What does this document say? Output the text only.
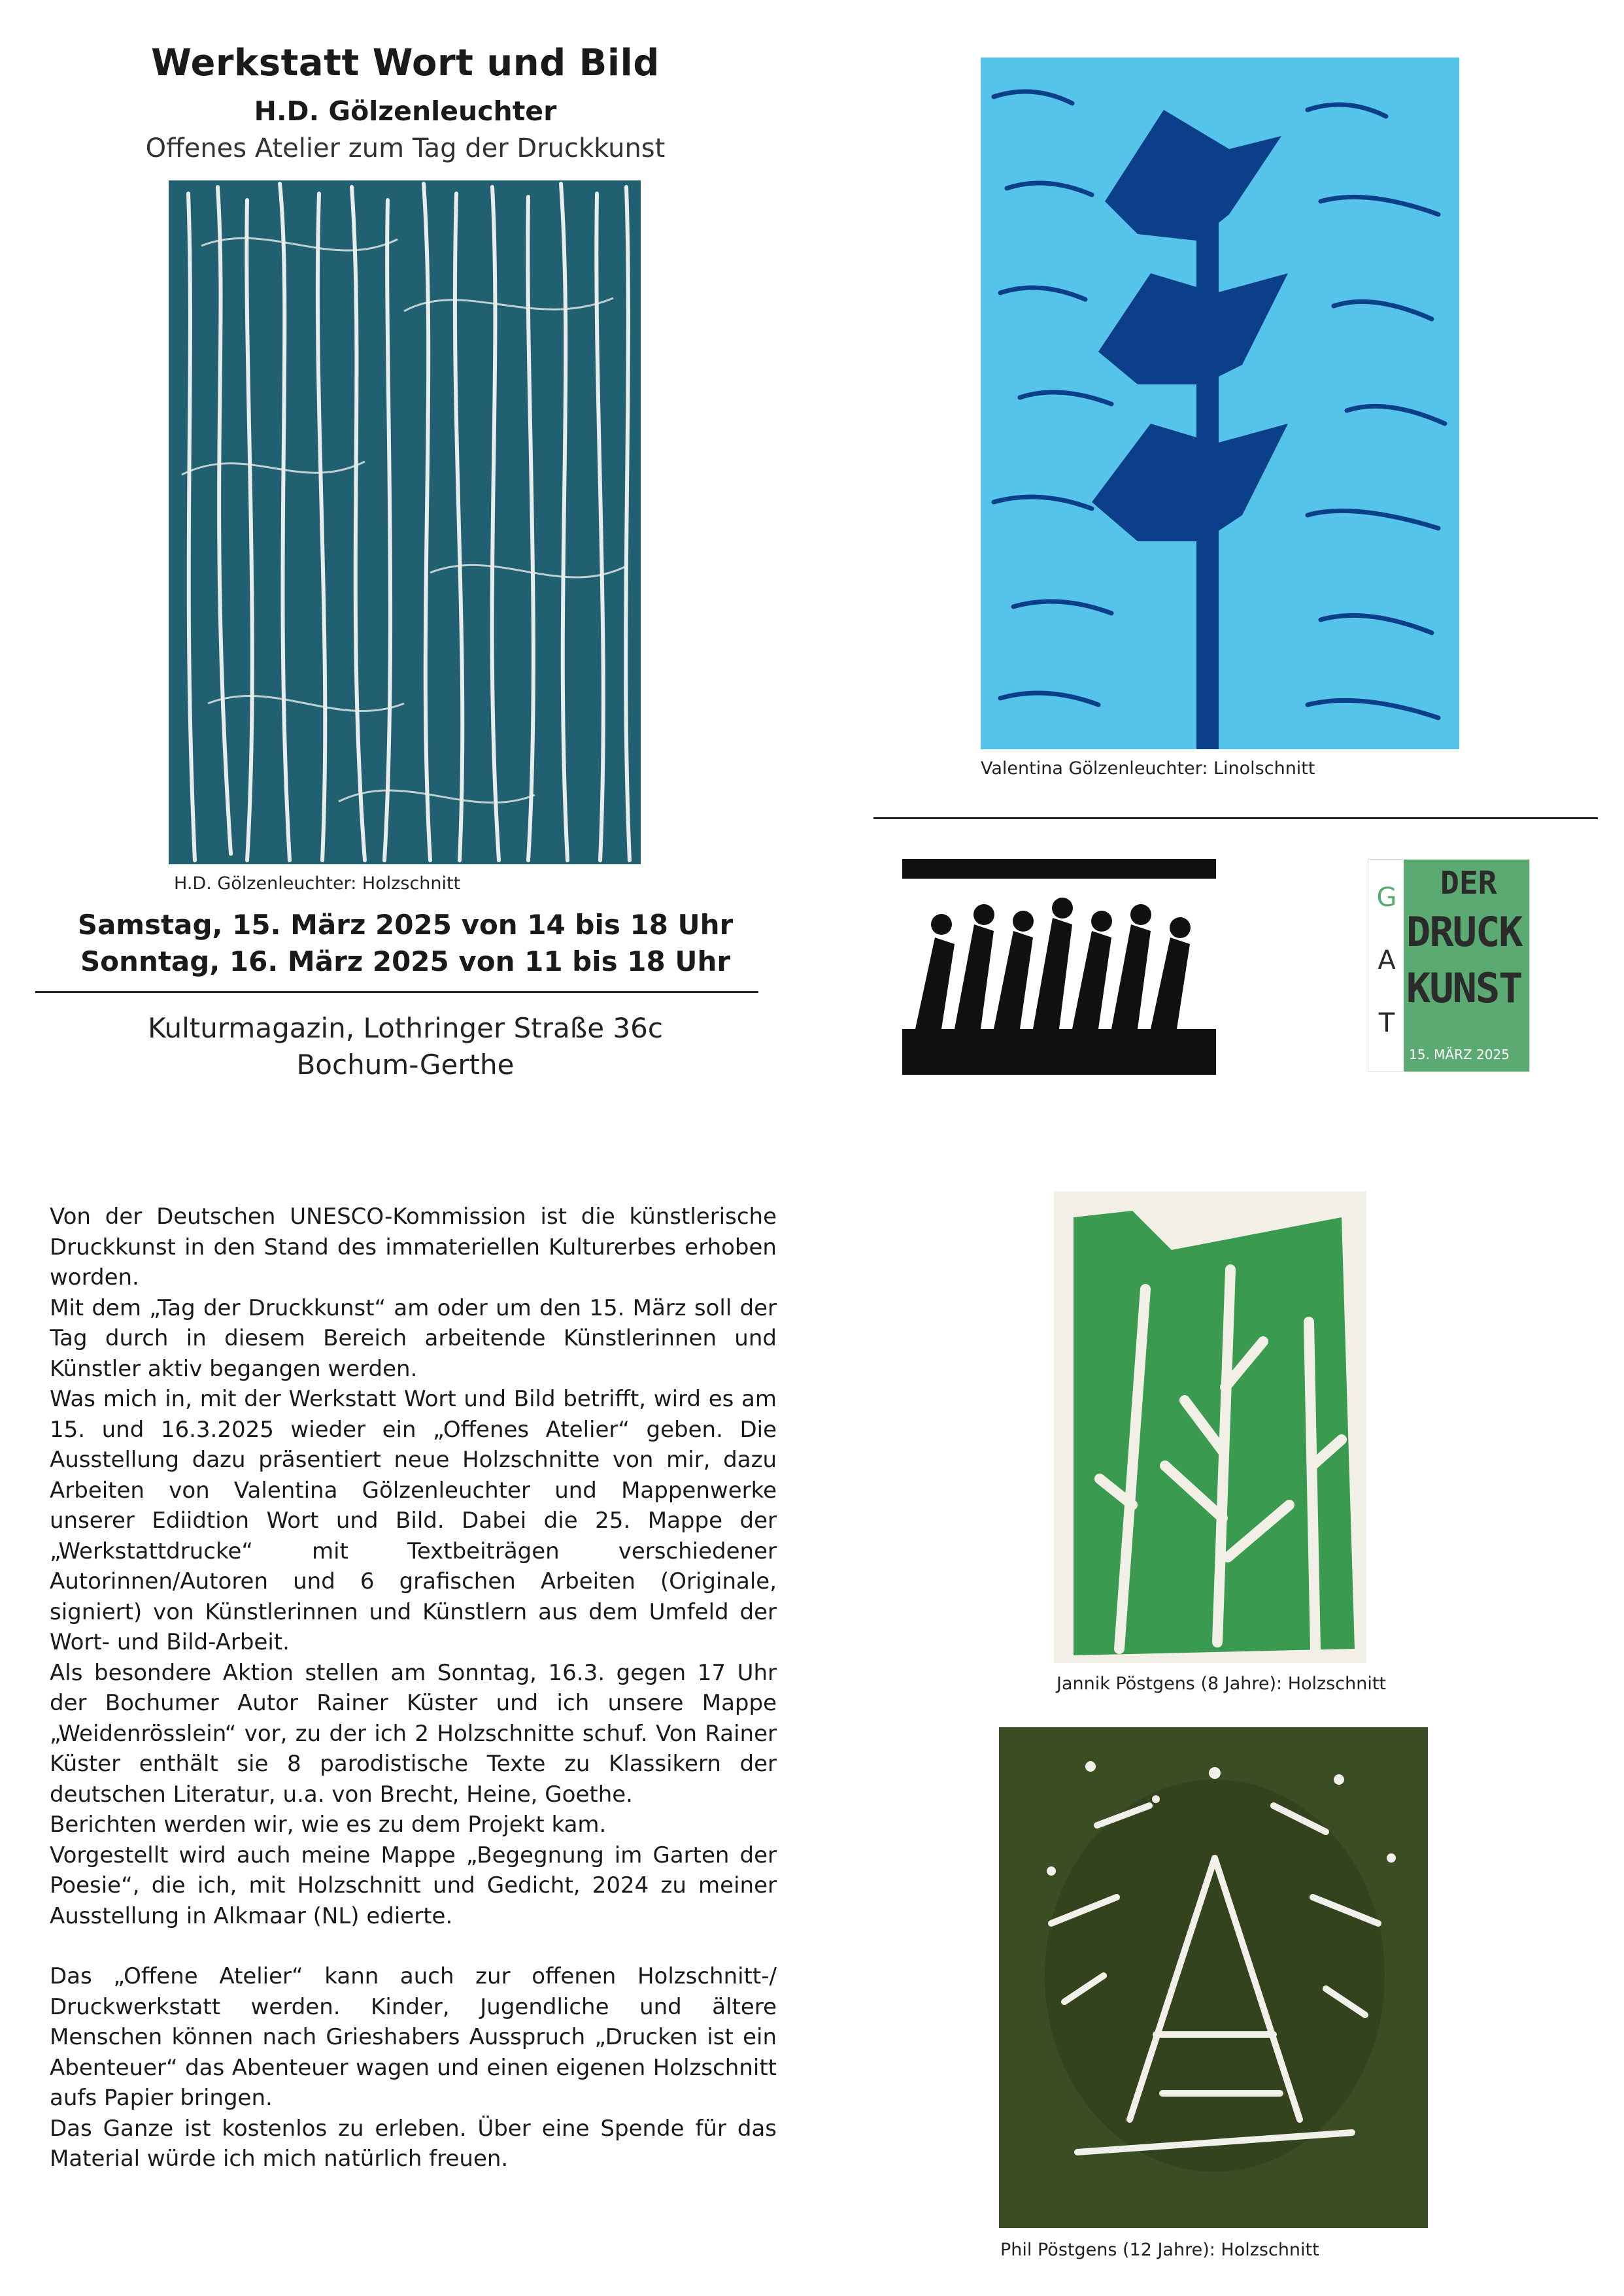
Werkstatt Wort und Bild
H.D. Gölzenleuchter
Offenes Atelier zum Tag der Druckkunst
H.D. Gölzenleuchter: Holzschnitt
Valentina Gölzenleuchter: Linolschnitt
G
A
T
DER
DRUCK
KUNST
15. MÄRZ 2025
Samstag, 15. März 2025 von 14 bis 18 Uhr
Sonntag, 16. März 2025 von 11 bis 18 Uhr
Kulturmagazin, Lothringer Straße 36c
Bochum-Gerthe

Von der Deutschen UNESCO-Kommission ist die künstlerische Druckkunst in den Stand des immateriellen Kulturerbes erhoben worden.

Mit dem „Tag der Druckkunst“ am oder um den 15. März soll der Tag durch in diesem Bereich arbeitende Künstlerinnen und Künstler aktiv begangen werden.

Was mich in, mit der Werkstatt Wort und Bild betrifft, wird es am 15. und 16.3.2025 wieder ein „Offenes Atelier“ geben. Die Ausstellung dazu präsentiert neue Holzschnitte von mir, dazu Arbeiten von Valentina Gölzenleuchter und Mappenwerke unserer Ediidtion Wort und Bild. Dabei die 25. Mappe der „Werkstattdrucke“ mit Textbeiträgen verschiedener Autorinnen/Autoren und 6 grafischen Arbeiten (Originale, signiert) von Künstlerinnen und Künstlern aus dem Umfeld der Wort- und Bild-Arbeit.

Als besondere Aktion stellen am Sonntag, 16.3. gegen 17 Uhr der Bochumer Autor Rainer Küster und ich unsere Mappe „Weidenrösslein“ vor, zu der ich 2 Holzschnitte schuf. Von Rainer Küster enthält sie 8 parodistische Texte zu Klassikern der deutschen Literatur, u.a. von Brecht, Heine, Goethe.

Berichten werden wir, wie es zu dem Projekt kam.

Vorgestellt wird auch meine Mappe „Begegnung im Garten der Poesie“, die ich, mit Holzschnitt und Gedicht, 2024 zu meiner Ausstellung in Alkmaar (NL) edierte.

Das „Offene Atelier“ kann auch zur offenen Holzschnitt-/ Druckwerkstatt werden. Kinder, Jugendliche und ältere Menschen können nach Grieshabers Ausspruch „Drucken ist ein Abenteuer“ das Abenteuer wagen und einen eigenen Holzschnitt aufs Papier bringen.

Das Ganze ist kostenlos zu erleben. Über eine Spende für das Material würde ich mich natürlich freuen.

Jannik Pöstgens (8 Jahre): Holzschnitt
Phil Pöstgens (12 Jahre): Holzschnitt
